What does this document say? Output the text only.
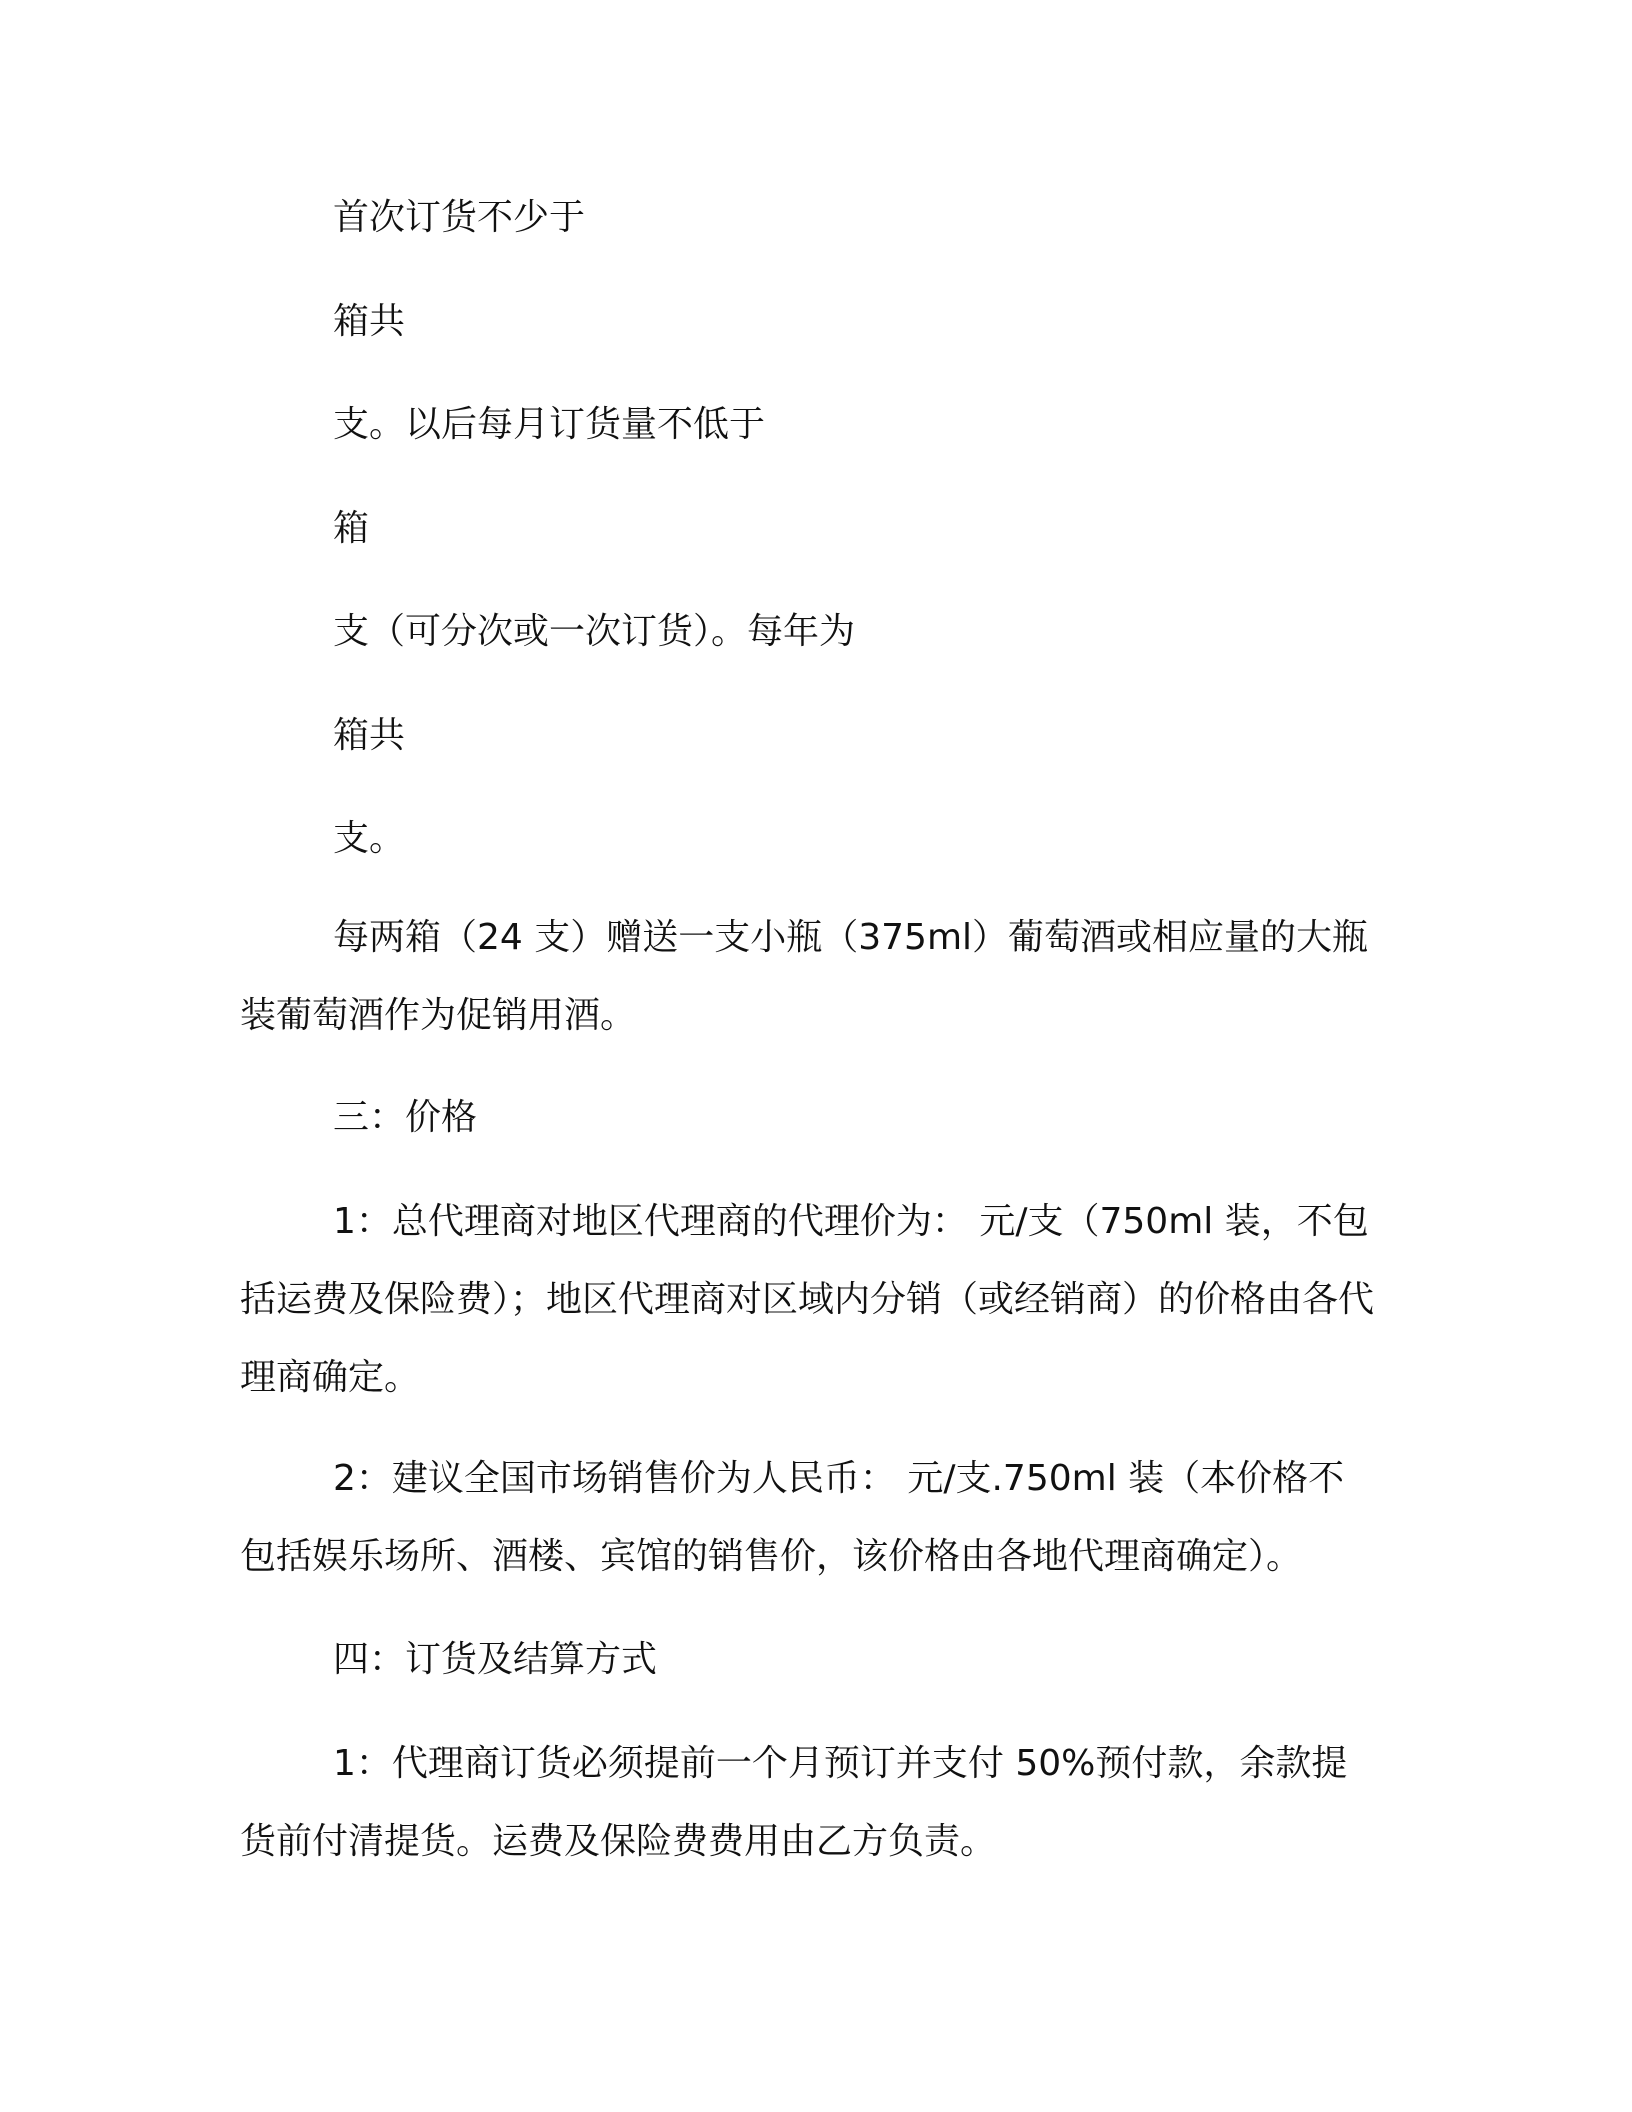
首次订货不少于

箱共

支。以后每月订货量不低于

箱

支（可分次或一次订货）。每年为

箱共

支。

每两箱（24 支）赠送一支小瓶（375ml）葡萄酒或相应量的大瓶装葡萄酒作为促销用酒。

三：价格

1：总代理商对地区代理商的代理价为： 元/支（750ml 装，不包括运费及保险费）；地区代理商对区域内分销（或经销商）的价格由各代理商确定。

2：建议全国市场销售价为人民币： 元/支.750ml 装（本价格不包括娱乐场所、酒楼、宾馆的销售价，该价格由各地代理商确定）。

四：订货及结算方式

1：代理商订货必须提前一个月预订并支付 50%预付款，余款提货前付清提货。运费及保险费费用由乙方负责。
